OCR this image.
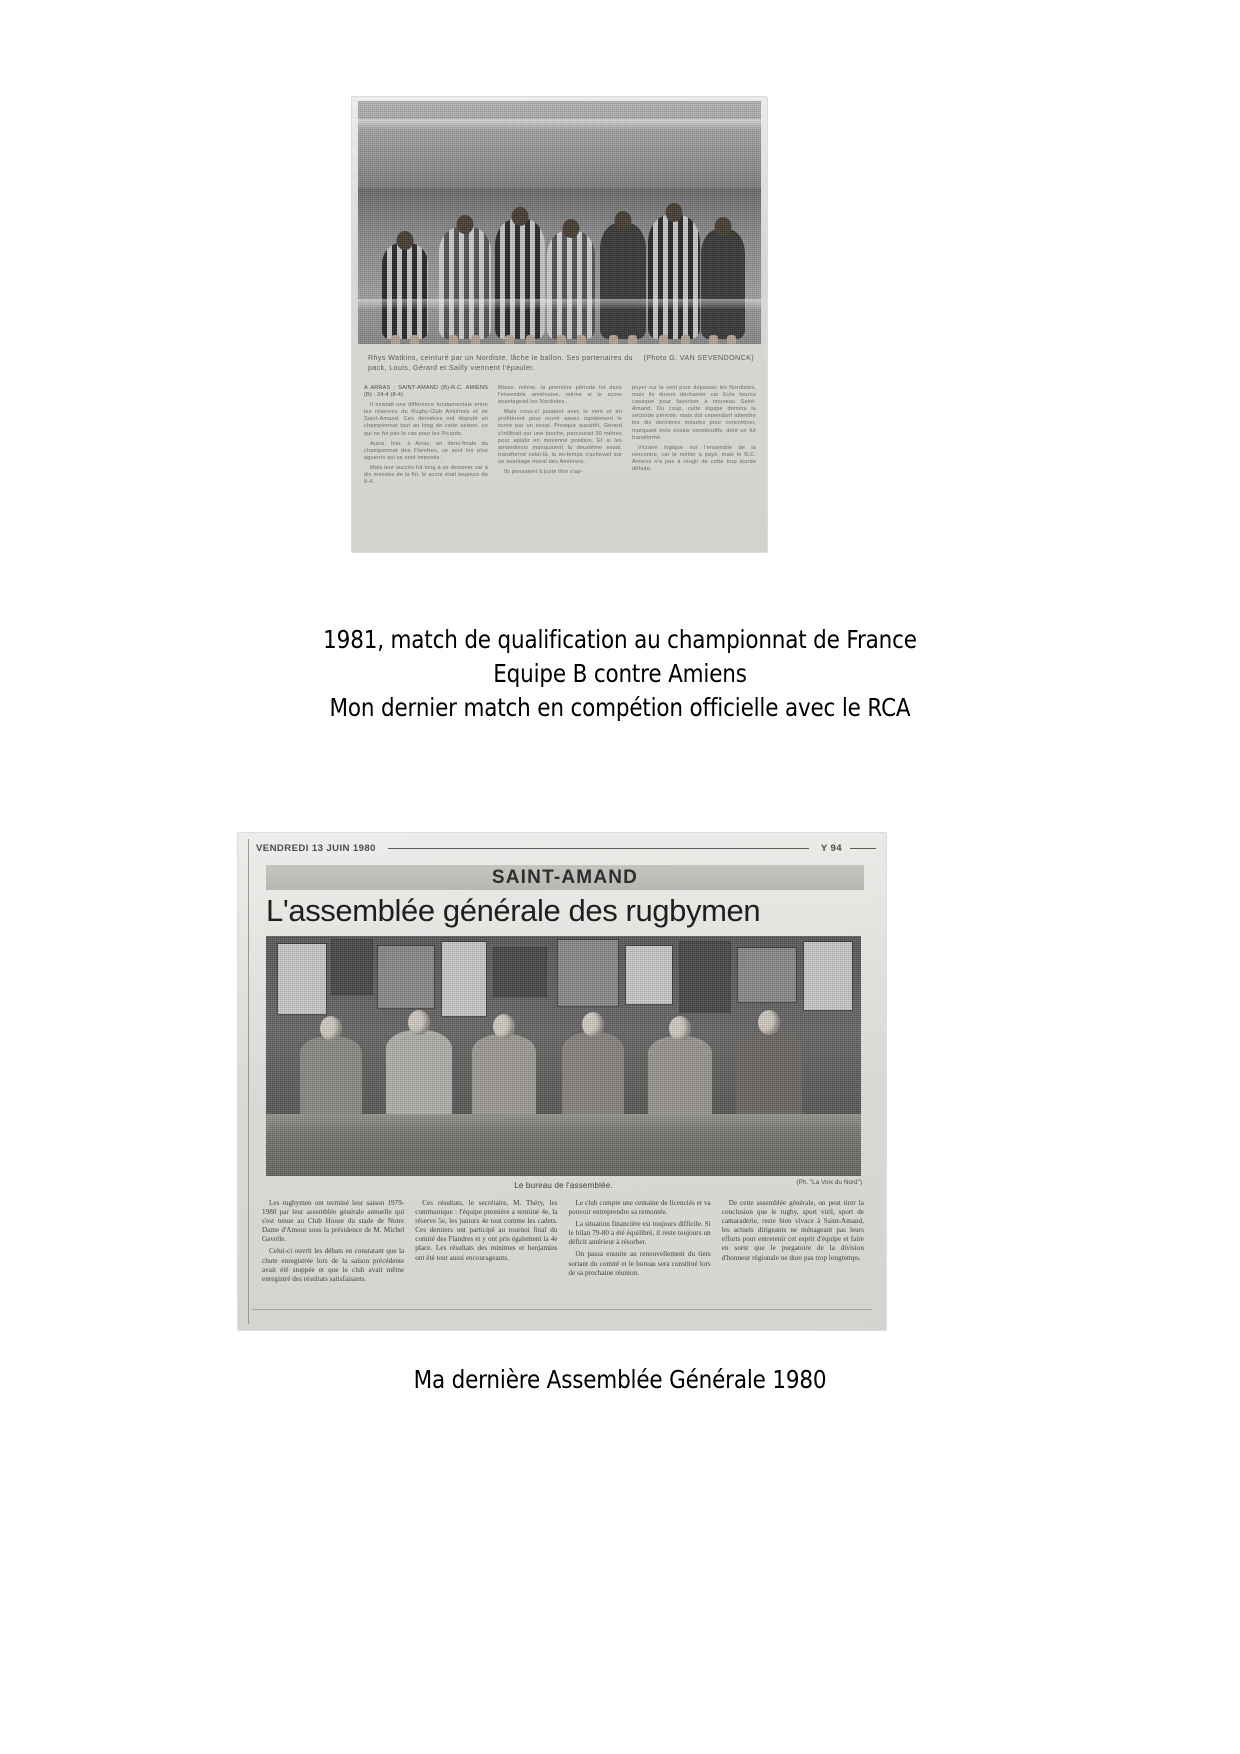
(Photo G. VAN SEVENDONCK)
Rhys Watkins, ceinturé par un Nordiste, lâche le ballon. Ses partenaires du pack, Louis, Gérard et Sailly viennent l'épauler.

A ARRAS : SAINT-AMAND (B)-R.C. AMIENS (B) : 24-4 (8-4)

Il existait une différence fondamentale entre les réserves du Rugby-Club Amiénois et de Saint-Amand. Ces dernières ont disputé un championnat tout au long de cette saison, ce qui ne fut pas le cas pour les Picards.

Aussi, hier, à Arras, en demi-finale du championnat des Flandres, ce sont les plus aguerris qui se sont imposés.

Mais leur succès fut long à se dessiner car à dix minutes de la fin, le score était toujours de 8-4.

Mieux, même, la première période fut dans l'ensemble amiénoise, même si le score avantageait les Nordistes.

Mais ceux-ci jouaient avec le vent et en profitèrent pour ouvrir assez rapidement le score par un essai. Presque aussitôt, Gérard s'infiltrait sur une touche, parcourait 30 mètres pour aplatir en moyenne position. Et si les amandinois manquaient la deuxième essai, transformé celui-là, la mi-temps s'achevait sur un avantage moral des Amiénois.

Ils pensaient à juste titre s'ap-

puyer sur le vent pour dépasser les Nordistes, mais ils durent déchanter car Eole tourna casaque pour favoriser à nouveau Saint-Amand. Du coup, cette équipe domina la seconde période, mais dut cependant attendre les dix dernières minutes pour concrétiser, marquant trois essais consécutifs, dont un fut transformé.

Victoire logique sur l'ensemble de la rencontre, car le métier a payé, mais le R.C. Amiens n'a pas à rougir de cette trop lourde défaite.

1981, match de qualification au championnat de France
Equipe B contre Amiens
Mon dernier match en compétion officielle avec le RCA
VENDREDI 13 JUIN 1980	Y 94
SAINT-AMAND
L'assemblée générale des rugbymen
Le bureau de l'assemblée.	(Ph. "La Voix du Nord")

Les rugbymen ont terminé leur saison 1979-1980 par leur assemblée générale annuelle qui s'est tenue au Club House du stade de Notre Dame d'Amour sous la présidence de M. Michel Gavelle.

Celui-ci ouvrit les débats en constatant que la chute enregistrée lors de la saison précédente avait été stoppée et que le club avait même enregistré des résultats satisfaisants.

Ces résultats, le secrétaire, M. Théry, les communique : l'équipe première a terminé 4e, la réserve 5e, les juniors 4e tout comme les cadets. Ces derniers ont participé au tournoi final du comité des Flandres et y ont pris également la 4e place. Les résultats des minimes et benjamins ont été tout aussi encourageants.

Le club compte une centaine de licenciés et va pouvoir entreprendre sa remontée.

La situation financière est toujours difficile. Si le bilan 79-80 a été équilibré, il reste toujours un déficit antérieur à résorber.

On passa ensuite au renouvellement du tiers sortant du comité et le bureau sera constitué lors de sa prochaine réunion.

De cette assemblée générale, on peut tirer la conclusion que le rugby, sport viril, sport de camaraderie, reste bien vivace à Saint-Amand, les actuels dirigeants ne ménageant pas leurs efforts pour entretenir cet esprit d'équipe et faire en sorte que le purgatoire de la division d'honneur régionale ne dure pas trop longtemps.

Ma dernière Assemblée Générale 1980
